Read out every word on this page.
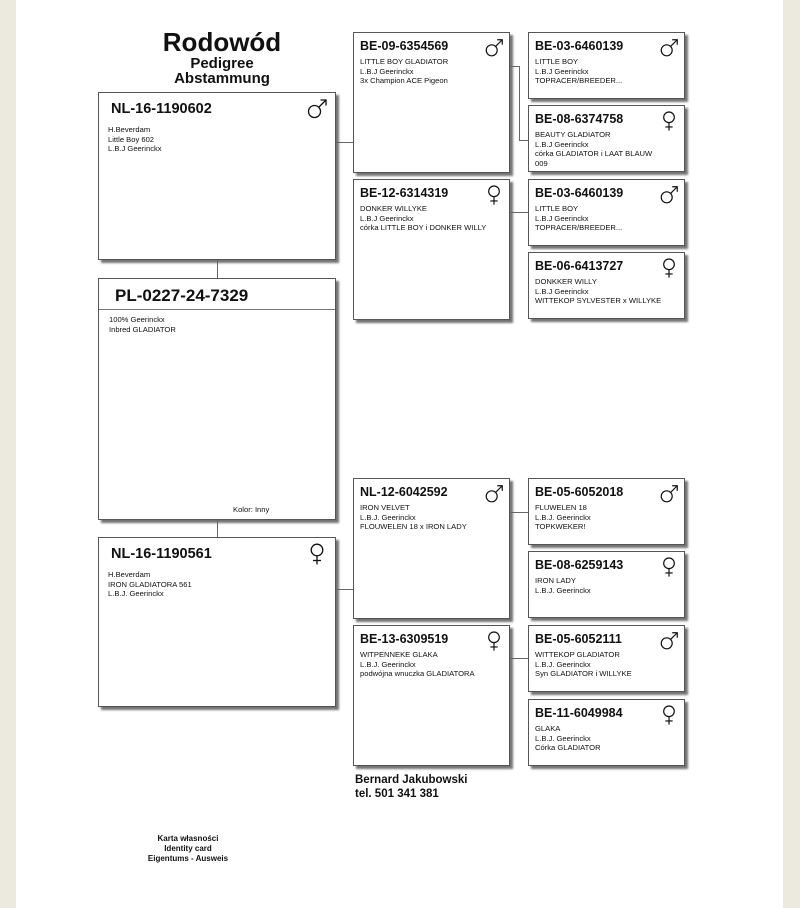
Rodowód
Pedigree
Abstammung
NL-16-1190602
H.Beverdam
Little Boy 602
L.B.J Geerinckx
PL-0227-24-7329
100% Geerinckx
Inbred GLADIATOR
Kolor: Inny
NL-16-1190561
H.Beverdam
IRON GLADIATORA 561
L.B.J. Geerinckx
BE-09-6354569
LITTLE BOY GLADIATOR
L.B.J Geerinckx
3x Champion ACE Pigeon
BE-12-6314319
DONKER WILLYKE
L.B.J Geerinckx
córka LITTLE BOY i DONKER WILLY
NL-12-6042592
IRON VELVET
L.B.J. Geerinckx
FLOUWELEN 18 x IRON LADY
BE-13-6309519
WITPENNEKE GLAKA
L.B.J. Geerinckx
podwójna wnuczka GLADIATORA
BE-03-6460139
LITTLE BOY
L.B.J Geerinckx
TOPRACER/BREEDER...
BE-08-6374758
BEAUTY GLADIATOR
L.B.J Geerinckx
córka GLADIATOR i LAAT BLAUW
009
BE-03-6460139
LITTLE BOY
L.B.J Geerinckx
TOPRACER/BREEDER...
BE-06-6413727
DONKKER WILLY
L.B.J Geerinckx
WITTEKOP SYLVESTER x WILLYKE
BE-05-6052018
FLUWELEN 18
L.B.J. Geerinckx
TOPKWEKER!
BE-08-6259143
IRON LADY
L.B.J. Geerinckx
BE-05-6052111
WITTEKOP GLADIATOR
L.B.J. Geerinckx
Syn GLADIATOR i WILLYKE
BE-11-6049984
GLAKA
L.B.J. Geerinckx
Córka GLADIATOR
Bernard Jakubowski
tel. 501 341 381
Karta własności
Identity card
Eigentums - Ausweis
